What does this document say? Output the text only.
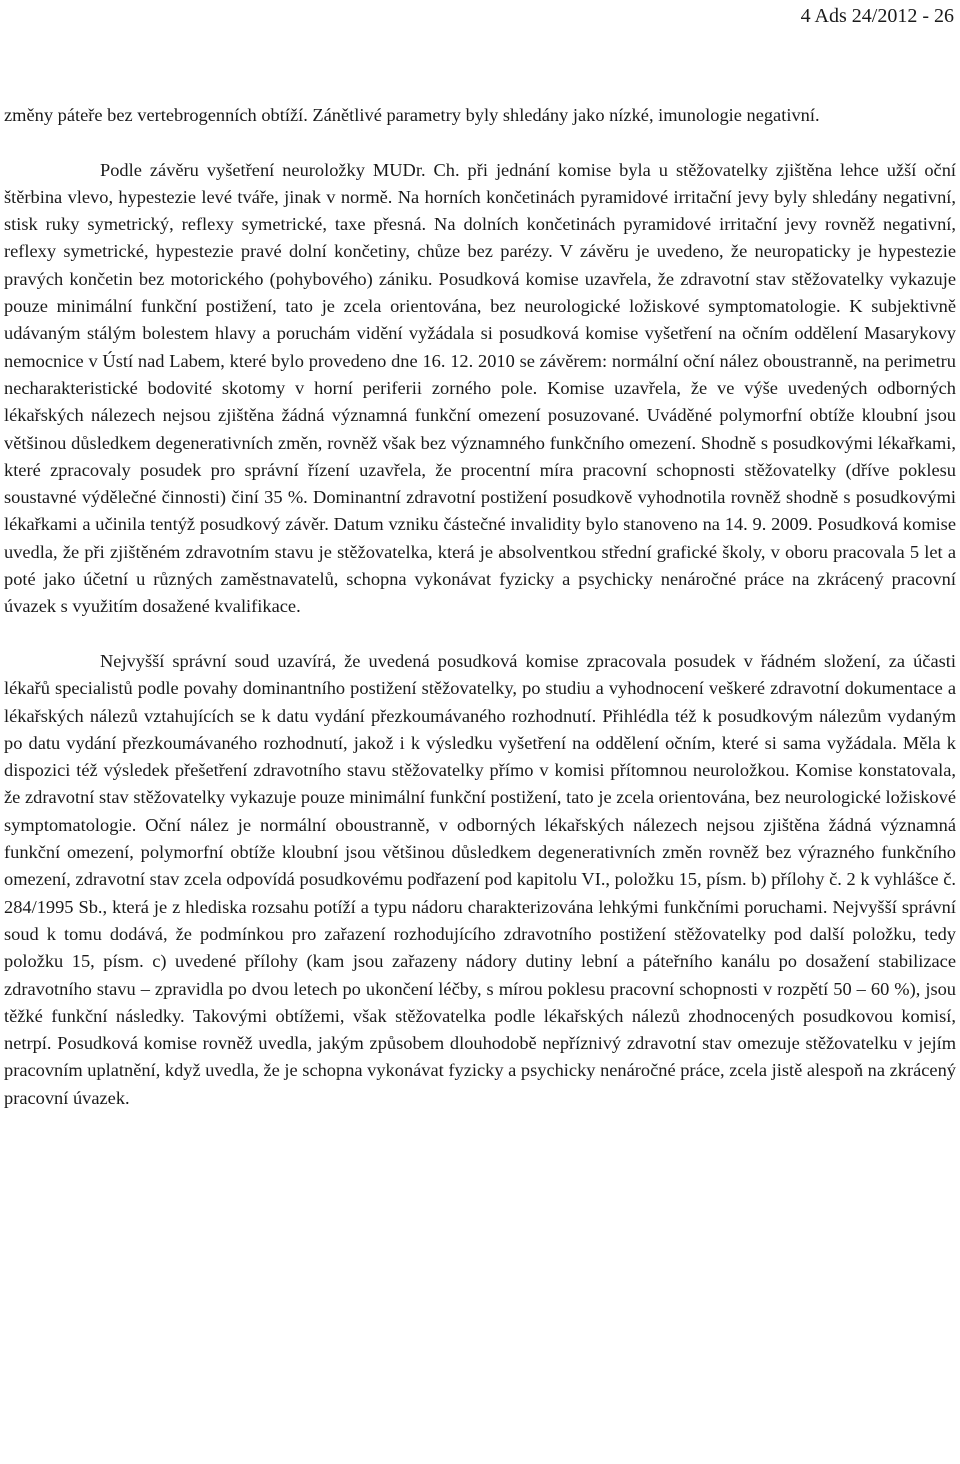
4 Ads 24/2012 - 26

změny páteře bez vertebrogenních obtíží. Zánětlivé parametry byly shledány jako nízké, imunologie negativní.

Podle závěru vyšetření neuroložky MUDr. Ch. při jednání komise byla u stěžovatelky zjištěna lehce užší oční štěrbina vlevo, hypestezie levé tváře, jinak v normě. Na horních končetinách pyramidové irritační jevy byly shledány negativní, stisk ruky symetrický, reflexy symetrické, taxe přesná. Na dolních končetinách pyramidové irritační jevy rovněž negativní, reflexy symetrické, hypestezie pravé dolní končetiny, chůze bez parézy. V závěru je uvedeno, že neuropaticky je hypestezie pravých končetin bez motorického (pohybového) zániku. Posudková komise uzavřela, že zdravotní stav stěžovatelky vykazuje pouze minimální funkční postižení, tato je zcela orientována, bez neurologické ložiskové symptomatologie. K subjektivně udávaným stálým bolestem hlavy a poruchám vidění vyžádala si posudková komise vyšetření na očním oddělení Masarykovy nemocnice v Ústí nad Labem, které bylo provedeno dne 16. 12. 2010 se závěrem: normální oční nález oboustranně, na perimetru necharakteristické bodovité skotomy v horní periferii zorného pole. Komise uzavřela, že ve výše uvedených odborných lékařských nálezech nejsou zjištěna žádná významná funkční omezení posuzované. Uváděné polymorfní obtíže kloubní jsou většinou důsledkem degenerativních změn, rovněž však bez významného funkčního omezení. Shodně s posudkovými lékařkami, které zpracovaly posudek pro správní řízení uzavřela, že procentní míra pracovní schopnosti stěžovatelky (dříve poklesu soustavné výdělečné činnosti) činí 35 %. Dominantní zdravotní postižení posudkově vyhodnotila rovněž shodně s posudkovými lékařkami a učinila tentýž posudkový závěr. Datum vzniku částečné invalidity bylo stanoveno na 14. 9. 2009. Posudková komise uvedla, že při zjištěném zdravotním stavu je stěžovatelka, která je absolventkou střední grafické školy, v oboru pracovala 5 let a poté jako účetní u různých zaměstnavatelů, schopna vykonávat fyzicky a psychicky nenáročné práce na zkrácený pracovní úvazek s využitím dosažené kvalifikace.

Nejvyšší správní soud uzavírá, že uvedená posudková komise zpracovala posudek v řádném složení, za účasti lékařů specialistů podle povahy dominantního postižení stěžovatelky, po studiu a vyhodnocení veškeré zdravotní dokumentace a lékařských nálezů vztahujících se k datu vydání přezkoumávaného rozhodnutí. Přihlédla též k posudkovým nálezům vydaným po datu vydání přezkoumávaného rozhodnutí, jakož i k výsledku vyšetření na oddělení očním, které si sama vyžádala. Měla k dispozici též výsledek přešetření zdravotního stavu stěžovatelky přímo v komisi přítomnou neuroložkou. Komise konstatovala, že zdravotní stav stěžovatelky vykazuje pouze minimální funkční postižení, tato je zcela orientována, bez neurologické ložiskové symptomatologie. Oční nález je normální oboustranně, v odborných lékařských nálezech nejsou zjištěna žádná významná funkční omezení, polymorfní obtíže kloubní jsou většinou důsledkem degenerativních změn rovněž bez výrazného funkčního omezení, zdravotní stav zcela odpovídá posudkovému podřazení pod kapitolu VI., položku 15, písm. b) přílohy č. 2 k vyhlášce č. 284/1995 Sb., která je z hlediska rozsahu potíží a typu nádoru charakterizována lehkými funkčními poruchami. Nejvyšší správní soud k tomu dodává, že podmínkou pro zařazení rozhodujícího zdravotního postižení stěžovatelky pod další položku, tedy položku 15, písm. c) uvedené přílohy (kam jsou zařazeny nádory dutiny lební a páteřního kanálu po dosažení stabilizace zdravotního stavu – zpravidla po dvou letech po ukončení léčby, s mírou poklesu pracovní schopnosti v rozpětí 50 – 60 %), jsou těžké funkční následky. Takovými obtížemi, však stěžovatelka podle lékařských nálezů zhodnocených posudkovou komisí, netrpí. Posudková komise rovněž uvedla, jakým způsobem dlouhodobě nepříznivý zdravotní stav omezuje stěžovatelku v jejím pracovním uplatnění, když uvedla, že je schopna vykonávat fyzicky a psychicky nenáročné práce, zcela jistě alespoň na zkrácený pracovní úvazek.
